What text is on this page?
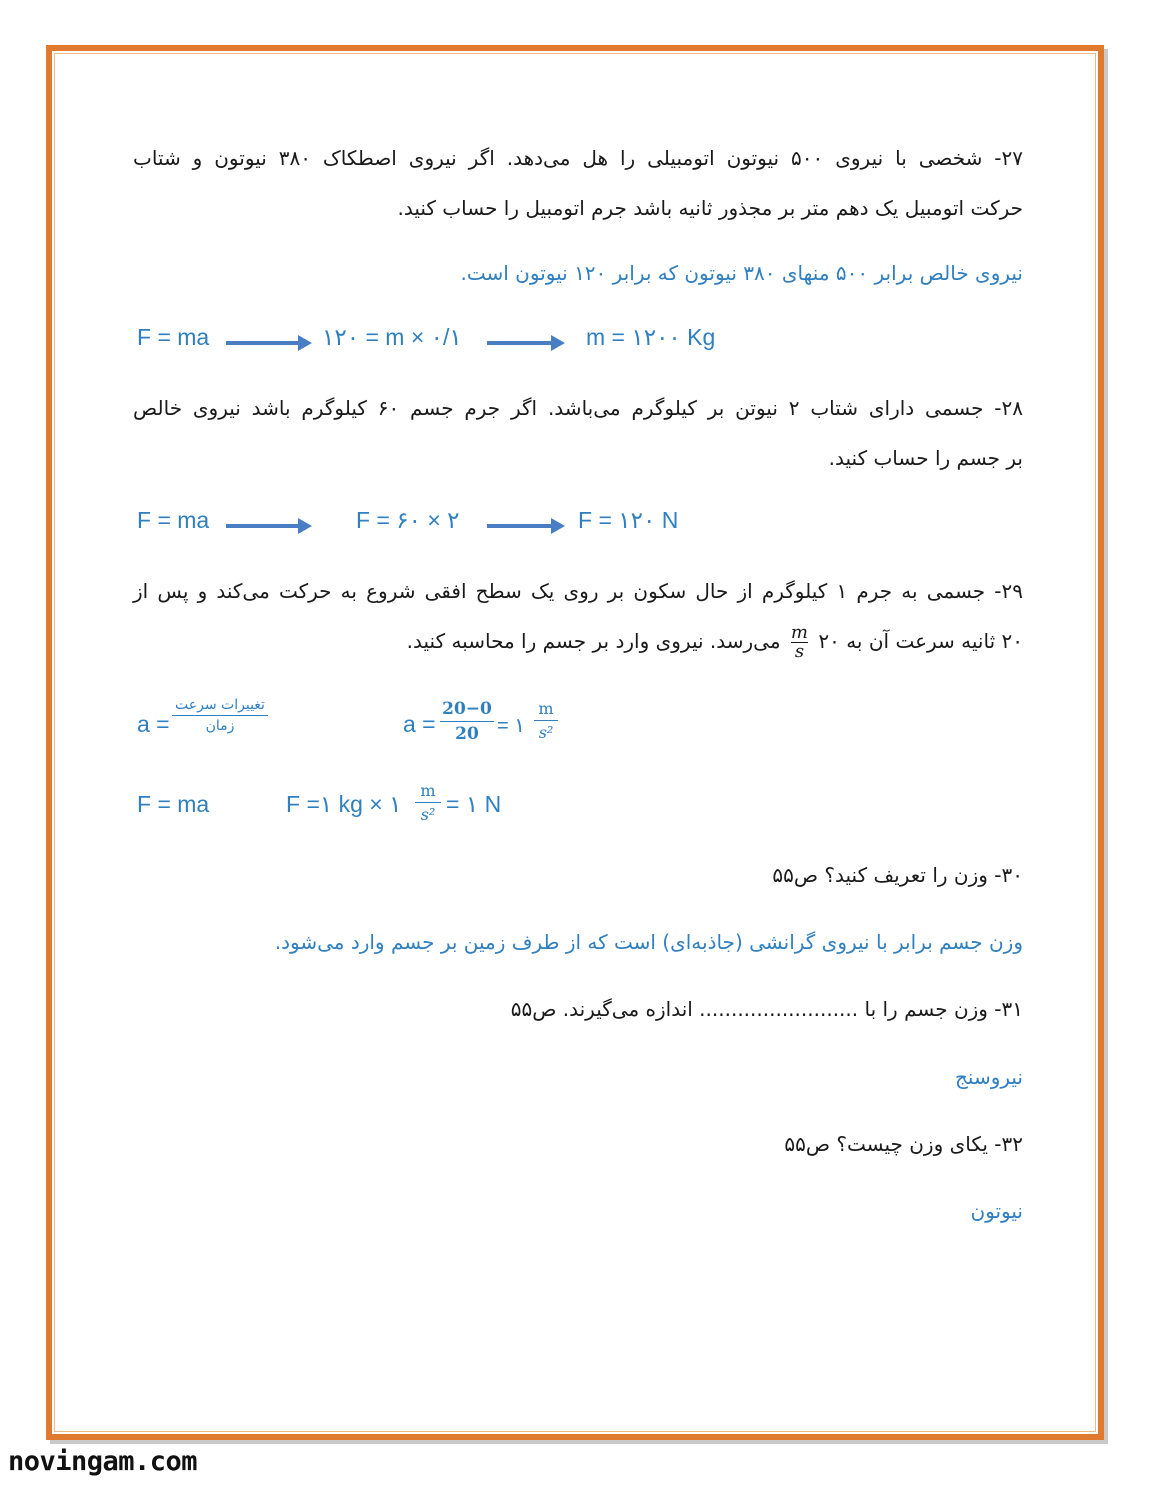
۲۷- شخصی با نیروی ۵۰۰ نیوتون اتومبیلی را هل می‌دهد. اگر نیروی اصطکاک ۳۸۰ نیوتون و شتاب
حرکت اتومبیل یک دهم متر بر مجذور ثانیه باشد جرم اتومبیل را حساب کنید.
نیروی خالص برابر ۵۰۰ منهای ۳۸۰ نیوتون که برابر ۱۲۰ نیوتون است.
F = ma	۱۲۰ = m × ۰/۱	m = ۱۲۰۰ Kg
۲۸- جسمی دارای شتاب ۲ نیوتن بر کیلوگرم می‌باشد. اگر جرم جسم ۶۰ کیلوگرم باشد نیروی خالص
بر جسم را حساب کنید.
F = ma	F = ۶۰ × ۲	F = ۱۲۰ N
۲۹- جسمی به جرم ۱ کیلوگرم از حال سکون بر روی یک سطح افقی شروع به حرکت می‌کند و پس از
۲۰ ثانیه سرعت آن به ۲۰ $\frac{m}{s}$ می‌رسد. نیروی وارد بر جسم را محاسبه کنید.
a =
تغییرات سرعت
زمان	a =
20−0
20 = ۱
m
s²
F = ma	F =۱ kg × ۱
m
s² = ۱ N
۳۰- وزن را تعریف کنید؟ ص۵۵
وزن جسم برابر با نیروی گرانشی (جاذبه‌ای) است که از طرف زمین بر جسم وارد می‌شود.
۳۱- وزن جسم را با ......................... اندازه می‌گیرند. ص۵۵
نیروسنج
۳۲- یکای وزن چیست؟ ص۵۵
نیوتون
novingam.com
